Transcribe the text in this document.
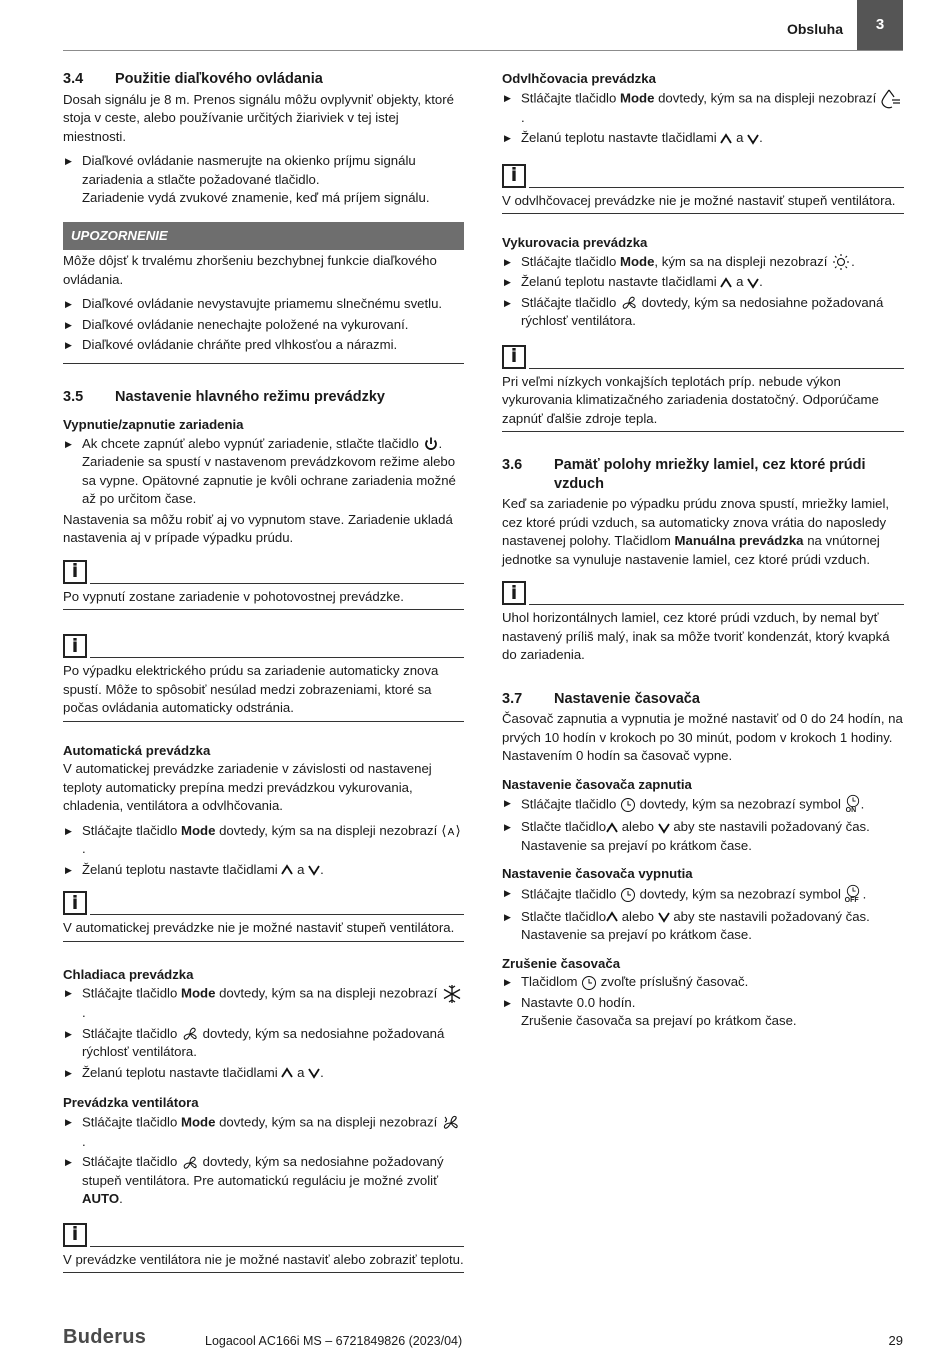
Obsluha	3
3.4	Použitie diaľkového ovládania

Dosah signálu je 8 m. Prenos signálu môžu ovplyvniť objekty, ktoré stoja v ceste, alebo používanie určitých žiariviek v tej istej miestnosti.

▶ Diaľkové ovládanie nasmerujte na okienko príjmu signálu zariadenia a stlačte požadované tlačidlo.
Zariadenie vydá zvukové znamenie, keď má príjem signálu.
UPOZORNENIE

Môže dôjsť k trvalému zhoršeniu bezchybnej funkcie diaľkového ovládania.

▶ Diaľkové ovládanie nevystavujte priamemu slnečnému svetlu.
▶ Diaľkové ovládanie nenechajte položené na vykurovaní.
▶ Diaľkové ovládanie chráňte pred vlhkosťou a nárazmi.
3.5	Nastavenie hlavného režimu prevádzky

Vypnutie/zapnutie zariadenia

▶ Ak chcete zapnúť alebo vypnúť zariadenie, stlačte tlačidlo .
Zariadenie sa spustí v nastavenom prevádzkovom režime alebo sa vypne. Opätovné zapnutie je kvôli ochrane zariadenia možné až po určitom čase.

Nastavenia sa môžu robiť aj vo vypnutom stave. Zariadenie ukladá nastavenia aj v prípade výpadku prúdu.

i
Po vypnutí zostane zariadenie v pohotovostnej prevádzke.
i
Po výpadku elektrického prúdu sa zariadenie automaticky znova spustí. Môže to spôsobiť nesúlad medzi zobrazeniami, ktoré sa počas ovládania automaticky odstránia.

Automatická prevádzka

V automatickej prevádzke zariadenie v závislosti od nastavenej teploty automaticky prepína medzi prevádzkou vykurovania, chladenia, ventilátora a odvlhčovania.

▶ Stláčajte tlačidlo Mode dovtedy, kým sa na displeji nezobrazí A
.
▶ Želanú teplotu nastavte tlačidlami a .
i
V automatickej prevádzke nie je možné nastaviť stupeň ventilátora.

Chladiaca prevádzka

▶ Stláčajte tlačidlo Mode dovtedy, kým sa na displeji nezobrazí .
▶ Stláčajte tlačidlo dovtedy, kým sa nedosiahne požadovaná rýchlosť ventilátora.
▶ Želanú teplotu nastavte tlačidlami a .

Prevádzka ventilátora

▶ Stláčajte tlačidlo Mode dovtedy, kým sa na displeji nezobrazí .
▶ Stláčajte tlačidlo dovtedy, kým sa nedosiahne požadovaný stupeň ventilátora. Pre automatickú reguláciu je možné zvoliť AUTO.
i
V prevádzke ventilátora nie je možné nastaviť alebo zobraziť teplotu.

Odvlhčovacia prevádzka

▶ Stláčajte tlačidlo Mode dovtedy, kým sa na displeji nezobrazí .
▶ Želanú teplotu nastavte tlačidlami a .
i
V odvlhčovacej prevádzke nie je možné nastaviť stupeň ventilátora.

Vykurovacia prevádzka

▶ Stláčajte tlačidlo Mode, kým sa na displeji nezobrazí .
▶ Želanú teplotu nastavte tlačidlami a .
▶ Stláčajte tlačidlo dovtedy, kým sa nedosiahne požadovaná rýchlosť ventilátora.
i
Pri veľmi nízkych vonkajších teplotách príp. nebude výkon vykurovania klimatizačného zariadenia dostatočný. Odporúčame zapnúť ďalšie zdroje tepla.
3.6	Pamäť polohy mriežky lamiel, cez ktoré prúdi vzduch

Keď sa zariadenie po výpadku prúdu znova spustí, mriežky lamiel, cez ktoré prúdi vzduch, sa automaticky znova vrátia do naposledy nastavenej polohy. Tlačidlom Manuálna prevádzka na vnútornej jednotke sa vynuluje nastavenie lamiel, cez ktoré prúdi vzduch.

i
Uhol horizontálnych lamiel, cez ktoré prúdi vzduch, by nemal byť nastavený príliš malý, inak sa môže tvoriť kondenzát, ktorý kvapká do zariadenia.
3.7	Nastavenie časovača

Časovač zapnutia a vypnutia je možné nastaviť od 0 do 24 hodín, na prvých 10 hodín v krokoch po 30 minút, podom v krokoch 1 hodiny. Nastavením 0 hodín sa časovač vypne.

Nastavenie časovača zapnutia

▶ Stláčajte tlačidlo dovtedy, kým sa nezobrazí symbol ON .
▶ Stlačte tlačidlo alebo aby ste nastavili požadovaný čas.
Nastavenie sa prejaví po krátkom čase.

Nastavenie časovača vypnutia

▶ Stláčajte tlačidlo dovtedy, kým sa nezobrazí symbol OFF .
▶ Stlačte tlačidlo alebo aby ste nastavili požadovaný čas.
Nastavenie sa prejaví po krátkom čase.

Zrušenie časovača

▶ Tlačidlom zvoľte príslušný časovač.
▶ Nastavte 0.0 hodín.
Zrušenie časovača sa prejaví po krátkom čase.
Buderus	Logacool AC166i MS – 6721849826 (2023/04)	29
